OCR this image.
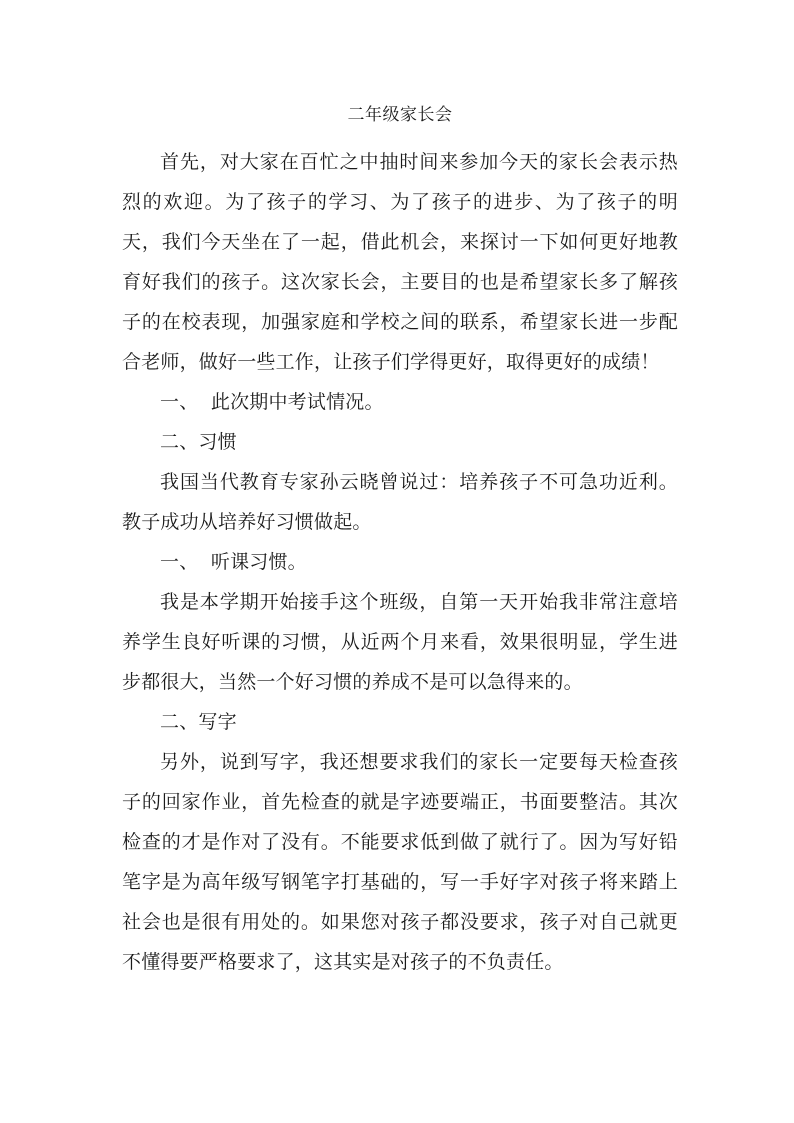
二年级家长会

首先，对大家在百忙之中抽时间来参加今天的家长会表示热烈的欢迎。为了孩子的学习、为了孩子的进步、为了孩子的明天，我们今天坐在了一起，借此机会，来探讨一下如何更好地教育好我们的孩子。这次家长会，主要目的也是希望家长多了解孩子的在校表现，加强家庭和学校之间的联系，希望家长进一步配合老师，做好一些工作，让孩子们学得更好，取得更好的成绩！

一、  此次期中考试情况。

二、习惯

我国当代教育专家孙云晓曾说过：培养孩子不可急功近利。教子成功从培养好习惯做起。

一、  听课习惯。

我是本学期开始接手这个班级，自第一天开始我非常注意培养学生良好听课的习惯，从近两个月来看，效果很明显，学生进步都很大，当然一个好习惯的养成不是可以急得来的。

二、写字

另外，说到写字，我还想要求我们的家长一定要每天检查孩子的回家作业，首先检查的就是字迹要端正，书面要整洁。其次检查的才是作对了没有。不能要求低到做了就行了。因为写好铅笔字是为高年级写钢笔字打基础的，写一手好字对孩子将来踏上社会也是很有用处的。如果您对孩子都没要求，孩子对自己就更不懂得要严格要求了，这其实是对孩子的不负责任。
